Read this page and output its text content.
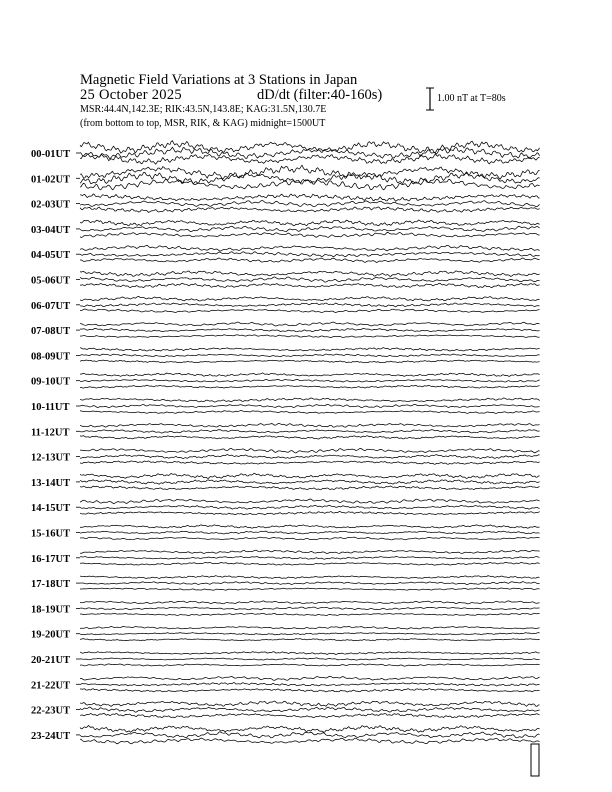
Magnetic Field Variations at 3 Stations in Japan
25 October 2025	dD/dt (filter:40-160s)
MSR:44.4N,142.3E; RIK:43.5N,143.8E; KAG:31.5N,130.7E
(from bottom to top, MSR, RIK, & KAG) midnight=1500UT
1.00 nT at T=80s
00-01UT
01-02UT
02-03UT
03-04UT
04-05UT
05-06UT
06-07UT
07-08UT
08-09UT
09-10UT
10-11UT
11-12UT
12-13UT
13-14UT
14-15UT
15-16UT
16-17UT
17-18UT
18-19UT
19-20UT
20-21UT
21-22UT
22-23UT
23-24UT
